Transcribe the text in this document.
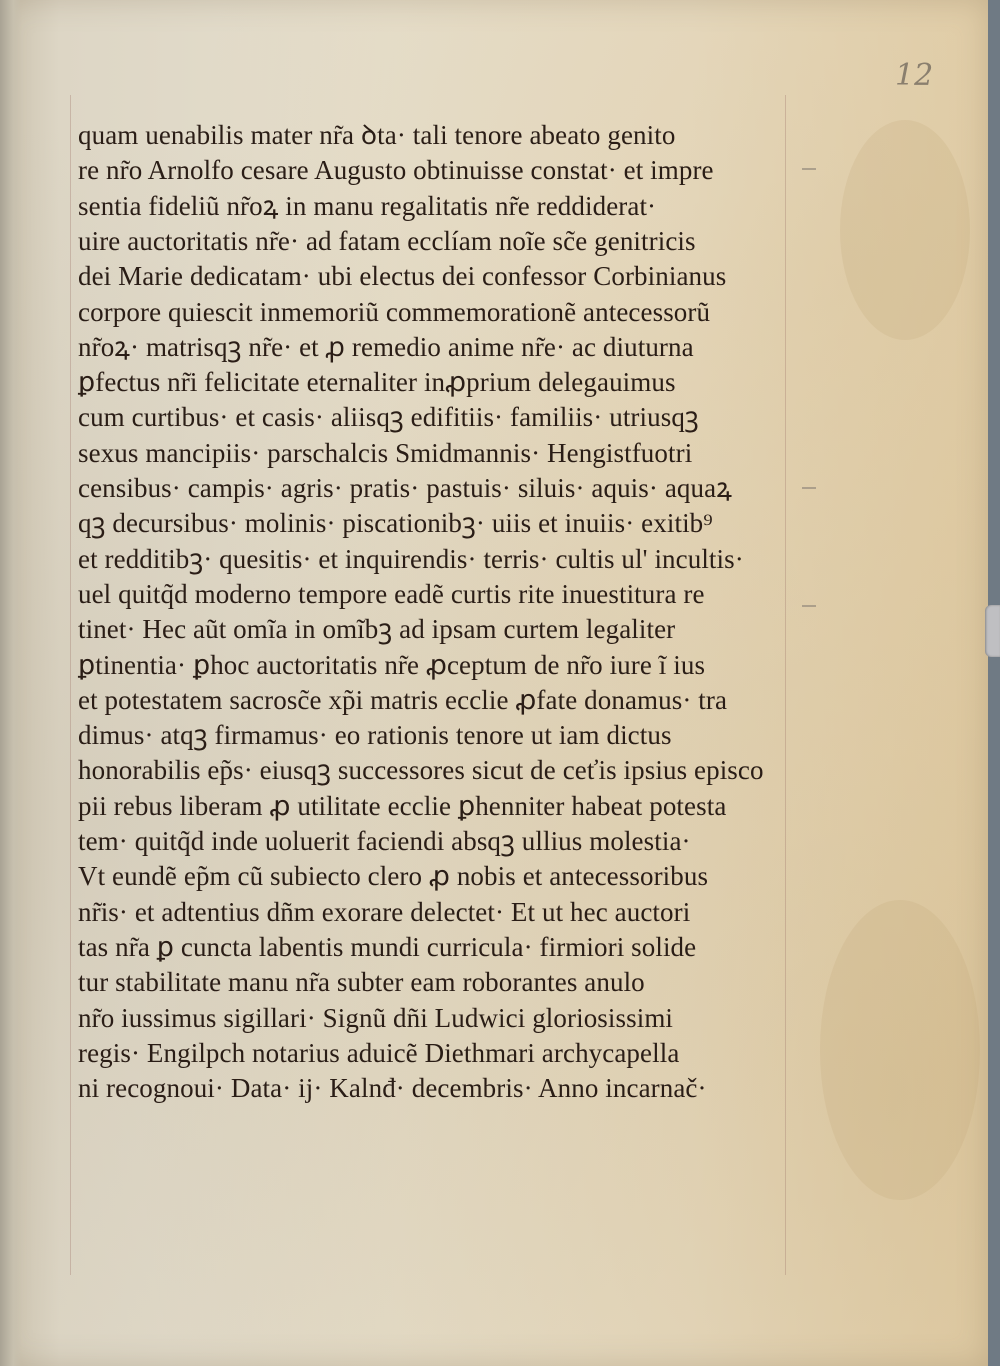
12
quam uenabilis mater nr̃a ꝺta· tali tenore abeato genito
re nr̃o Arnolfo cesare Augusto obtinuisse constat· et impre
sentia fideliũ nr̃oꝝ in manu regalitatis nr̃e reddiderat·
uire auctoritatis nr̃e· ad fatam ecclíam noĩe sc̃e genitricis
dei Marie dedicatam· ubi electus dei confessor Corbinianus
corpore quiescit inmemoriũ commemorationẽ antecessorũ
nr̃oꝝ· matrisqꝫ nr̃e· et ꝓ remedio anime nr̃e· ac diuturna
ꝑfectus nr̃i felicitate eternaliter inꝓprium delegauimus
cum curtibus· et casis· aliisqꝫ edifitiis· familiis· utriusqꝫ
sexus mancipiis· parschalcis Smidmannis· Hengistfuotri
censibus· campis· agris· pratis· pastuis· siluis· aquis· aquaꝝ
qꝫ decursibus· molinis· piscationibꝫ· uiis et inuiis· exitib⁹
et redditibꝫ· quesitis· et inquirendis· terris· cultis ul' incultis·
uel quitq̃d moderno tempore eadẽ curtis rite inuestitura re
tinet· Hec aũt omĩa in omĩbꝫ ad ipsam curtem legaliter
ꝑtinentia· ꝑhoc auctoritatis nr̃e ꝓceptum de nr̃o iure ĩ ius
et potestatem sacrosc̃e xp̃i matris ecclie ꝓfate donamus· tra
dimus· atqꝫ firmamus· eo rationis tenore ut iam dictus
honorabilis ep̃s· eiusqꝫ successores sicut de ceťis ipsius episco
pii rebus liberam ꝓ utilitate ecclie ꝑhenniter habeat potesta
tem· quitq̃d inde uoluerit faciendi absqꝫ ullius molestia·
Vt eundẽ ep̃m cũ subiecto clero ꝓ nobis et antecessoribus
nr̃is· et adtentius dñm exorare delectet· Et ut hec auctori
tas nr̃a ꝑ cuncta labentis mundi curricula· firmiori solide
tur stabilitate manu nr̃a subter eam roborantes anulo
nr̃o iussimus sigillari· Signũ dñi Ludwici gloriosissimi
regis· Engilpch notarius aduicẽ Diethmari archycapella
ni recognoui· Data· ij· Kalnđ· decembris· Anno incarnač·
